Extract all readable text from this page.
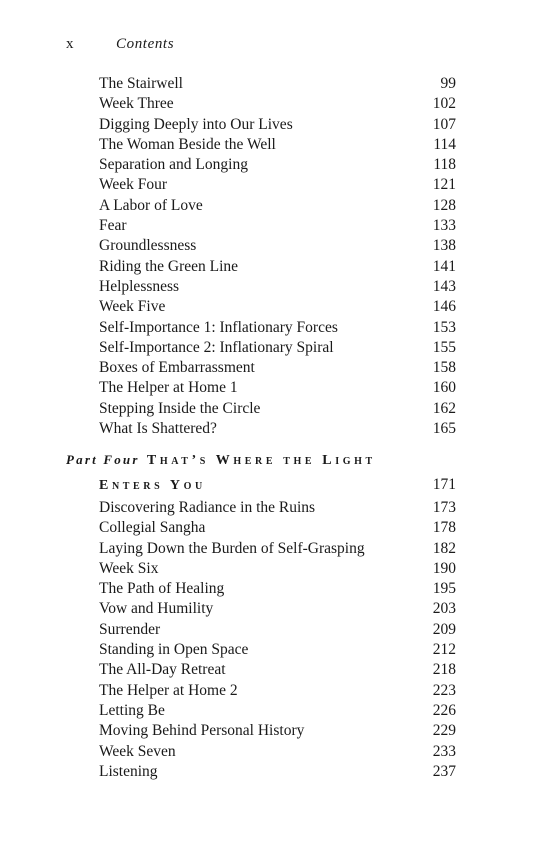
x	Contents
The Stairwell	99
Week Three	102
Digging Deeply into Our Lives	107
The Woman Beside the Well	114
Separation and Longing	118
Week Four	121
A Labor of Love	128
Fear	133
Groundlessness	138
Riding the Green Line	141
Helplessness	143
Week Five	146
Self-Importance 1: Inflationary Forces	153
Self-Importance 2: Inflationary Spiral	155
Boxes of Embarrassment	158
The Helper at Home 1	160
Stepping Inside the Circle	162
What Is Shattered?	165
Part Four That’s Where the Light
Enters You	171
Discovering Radiance in the Ruins	173
Collegial Sangha	178
Laying Down the Burden of Self-Grasping	182
Week Six	190
The Path of Healing	195
Vow and Humility	203
Surrender	209
Standing in Open Space	212
The All-Day Retreat	218
The Helper at Home 2	223
Letting Be	226
Moving Behind Personal History	229
Week Seven	233
Listening	237
